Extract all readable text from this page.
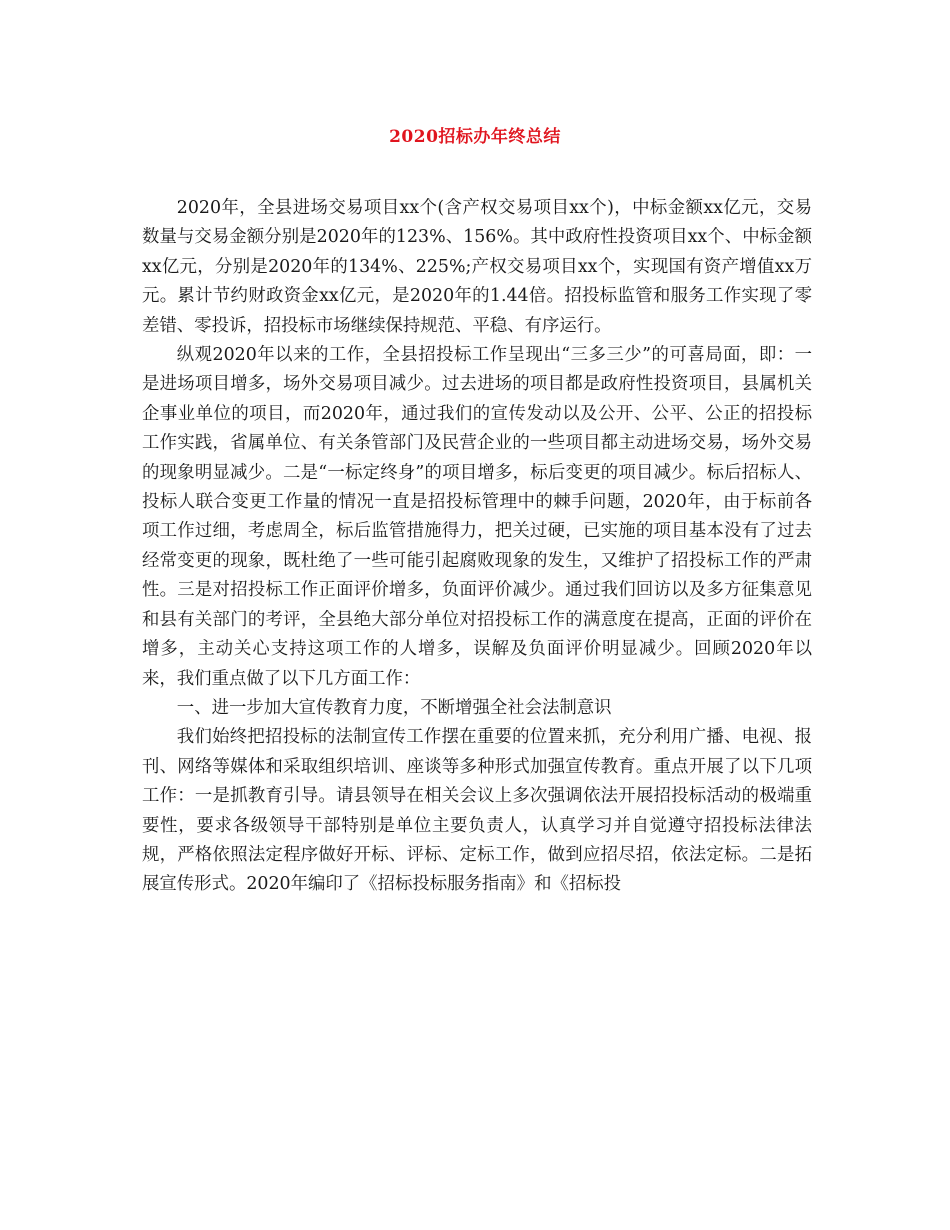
2020招标办年终总结

2020年，全县进场交易项目xx个(含产权交易项目xx个)，中标金额xx亿元，交易数量与交易金额分别是2020年的123%、156%。其中政府性投资项目xx个、中标金额xx亿元，分别是2020年的134%、225%;产权交易项目xx个，实现国有资产增值xx万元。累计节约财政资金xx亿元，是2020年的1.44倍。招投标监管和服务工作实现了零差错、零投诉，招投标市场继续保持规范、平稳、有序运行。

纵观2020年以来的工作，全县招投标工作呈现出“三多三少”的可喜局面，即：一是进场项目增多，场外交易项目减少。过去进场的项目都是政府性投资项目，县属机关企事业单位的项目，而2020年，通过我们的宣传发动以及公开、公平、公正的招投标工作实践，省属单位、有关条管部门及民营企业的一些项目都主动进场交易，场外交易的现象明显减少。二是“一标定终身”的项目增多，标后变更的项目减少。标后招标人、投标人联合变更工作量的情况一直是招投标管理中的棘手问题，2020年，由于标前各项工作过细，考虑周全，标后监管措施得力，把关过硬，已实施的项目基本没有了过去经常变更的现象，既杜绝了一些可能引起腐败现象的发生，又维护了招投标工作的严肃性。三是对招投标工作正面评价增多，负面评价减少。通过我们回访以及多方征集意见和县有关部门的考评，全县绝大部分单位对招投标工作的满意度在提高，正面的评价在增多，主动关心支持这项工作的人增多，误解及负面评价明显减少。回顾2020年以来，我们重点做了以下几方面工作：

一、进一步加大宣传教育力度，不断增强全社会法制意识

我们始终把招投标的法制宣传工作摆在重要的位置来抓，充分利用广播、电视、报刊、网络等媒体和采取组织培训、座谈等多种形式加强宣传教育。重点开展了以下几项工作：一是抓教育引导。请县领导在相关会议上多次强调依法开展招投标活动的极端重要性，要求各级领导干部特别是单位主要负责人，认真学习并自觉遵守招投标法律法规，严格依照法定程序做好开标、评标、定标工作，做到应招尽招，依法定标。二是拓展宣传形式。2020年编印了《招标投标服务指南》和《招标投
